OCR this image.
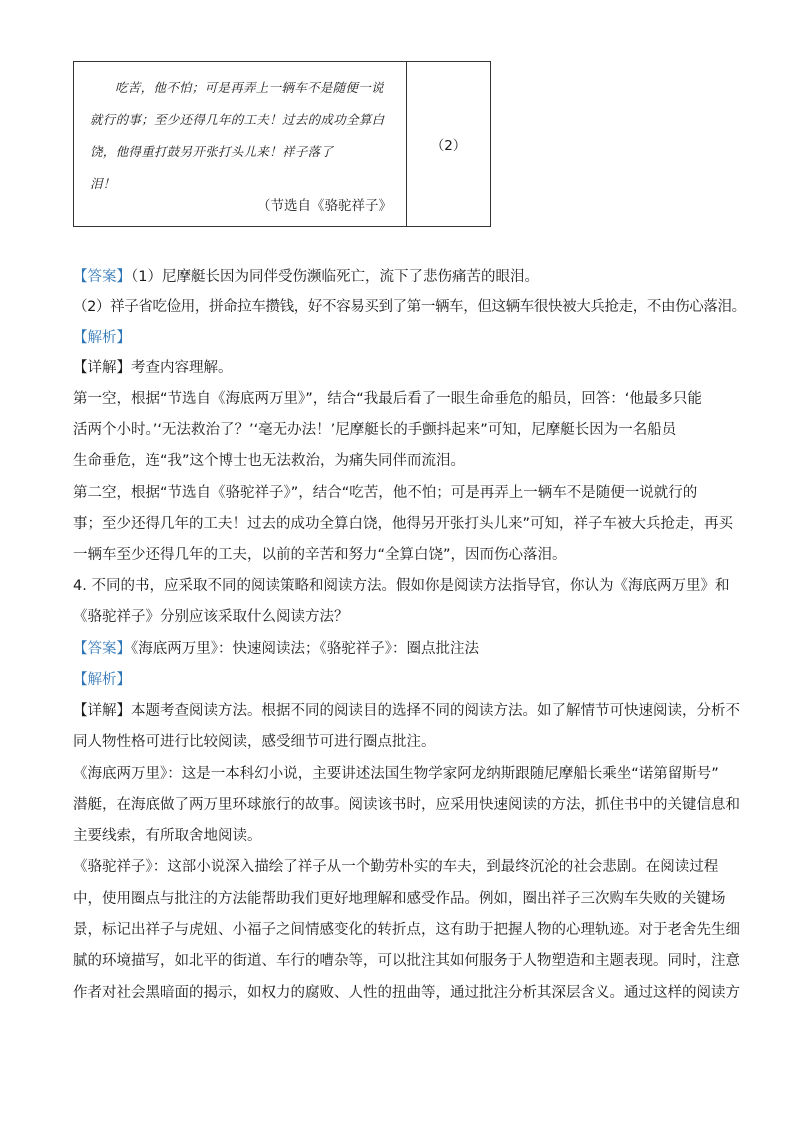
吃苦，他不怕；可是再弄上一辆车不是随便一说就行的事；至少还得几年的工夫！过去的成功全算白饶，他得重打鼓另开张打头儿来！祥子落了
泪！

（节选自《骆驼祥子》
（2）
【答案】（1）尼摩艇长因为同伴受伤濒临死亡，流下了悲伤痛苦的眼泪。
（2）祥子省吃俭用，拼命拉车攒钱，好不容易买到了第一辆车，但这辆车很快被大兵抢走，不由伤心落泪。
【解析】
【详解】考查内容理解。
第一空，根据“节选自《海底两万里》”，结合“我最后看了一眼生命垂危的船员，回答：‘他最多只能
活两个小时。’‘无法救治了？’‘毫无办法！’尼摩艇长的手颤抖起来”可知，尼摩艇长因为一名船员
生命垂危，连“我”这个博士也无法救治，为痛失同伴而流泪。
第二空，根据“节选自《骆驼祥子》”，结合“吃苦，他不怕；可是再弄上一辆车不是随便一说就行的
事；至少还得几年的工夫！过去的成功全算白饶，他得另开张打头儿来”可知，祥子车被大兵抢走，再买
一辆车至少还得几年的工夫，以前的辛苦和努力“全算白饶”，因而伤心落泪。
4. 不同的书，应采取不同的阅读策略和阅读方法。假如你是阅读方法指导官，你认为《海底两万里》和
《骆驼祥子》分别应该采取什么阅读方法？
【答案】《海底两万里》：快速阅读法；《骆驼祥子》：圈点批注法
【解析】
【详解】本题考查阅读方法。根据不同的阅读目的选择不同的阅读方法。如了解情节可快速阅读，分析不
同人物性格可进行比较阅读，感受细节可进行圈点批注。
《海底两万里》：这是一本科幻小说，主要讲述法国生物学家阿龙纳斯跟随尼摩船长乘坐“诺第留斯号”
潜艇，在海底做了两万里环球旅行的故事。阅读该书时，应采用快速阅读的方法，抓住书中的关键信息和
主要线索，有所取舍地阅读。
《骆驼祥子》：这部小说深入描绘了祥子从一个勤劳朴实的车夫，到最终沉沦的社会悲剧。在阅读过程
中，使用圈点与批注的方法能帮助我们更好地理解和感受作品。例如，圈出祥子三次购车失败的关键场
景，标记出祥子与虎妞、小福子之间情感变化的转折点，这有助于把握人物的心理轨迹。对于老舍先生细
腻的环境描写，如北平的街道、车行的嘈杂等，可以批注其如何服务于人物塑造和主题表现。同时，注意
作者对社会黑暗面的揭示，如权力的腐败、人性的扭曲等，通过批注分析其深层含义。通过这样的阅读方
